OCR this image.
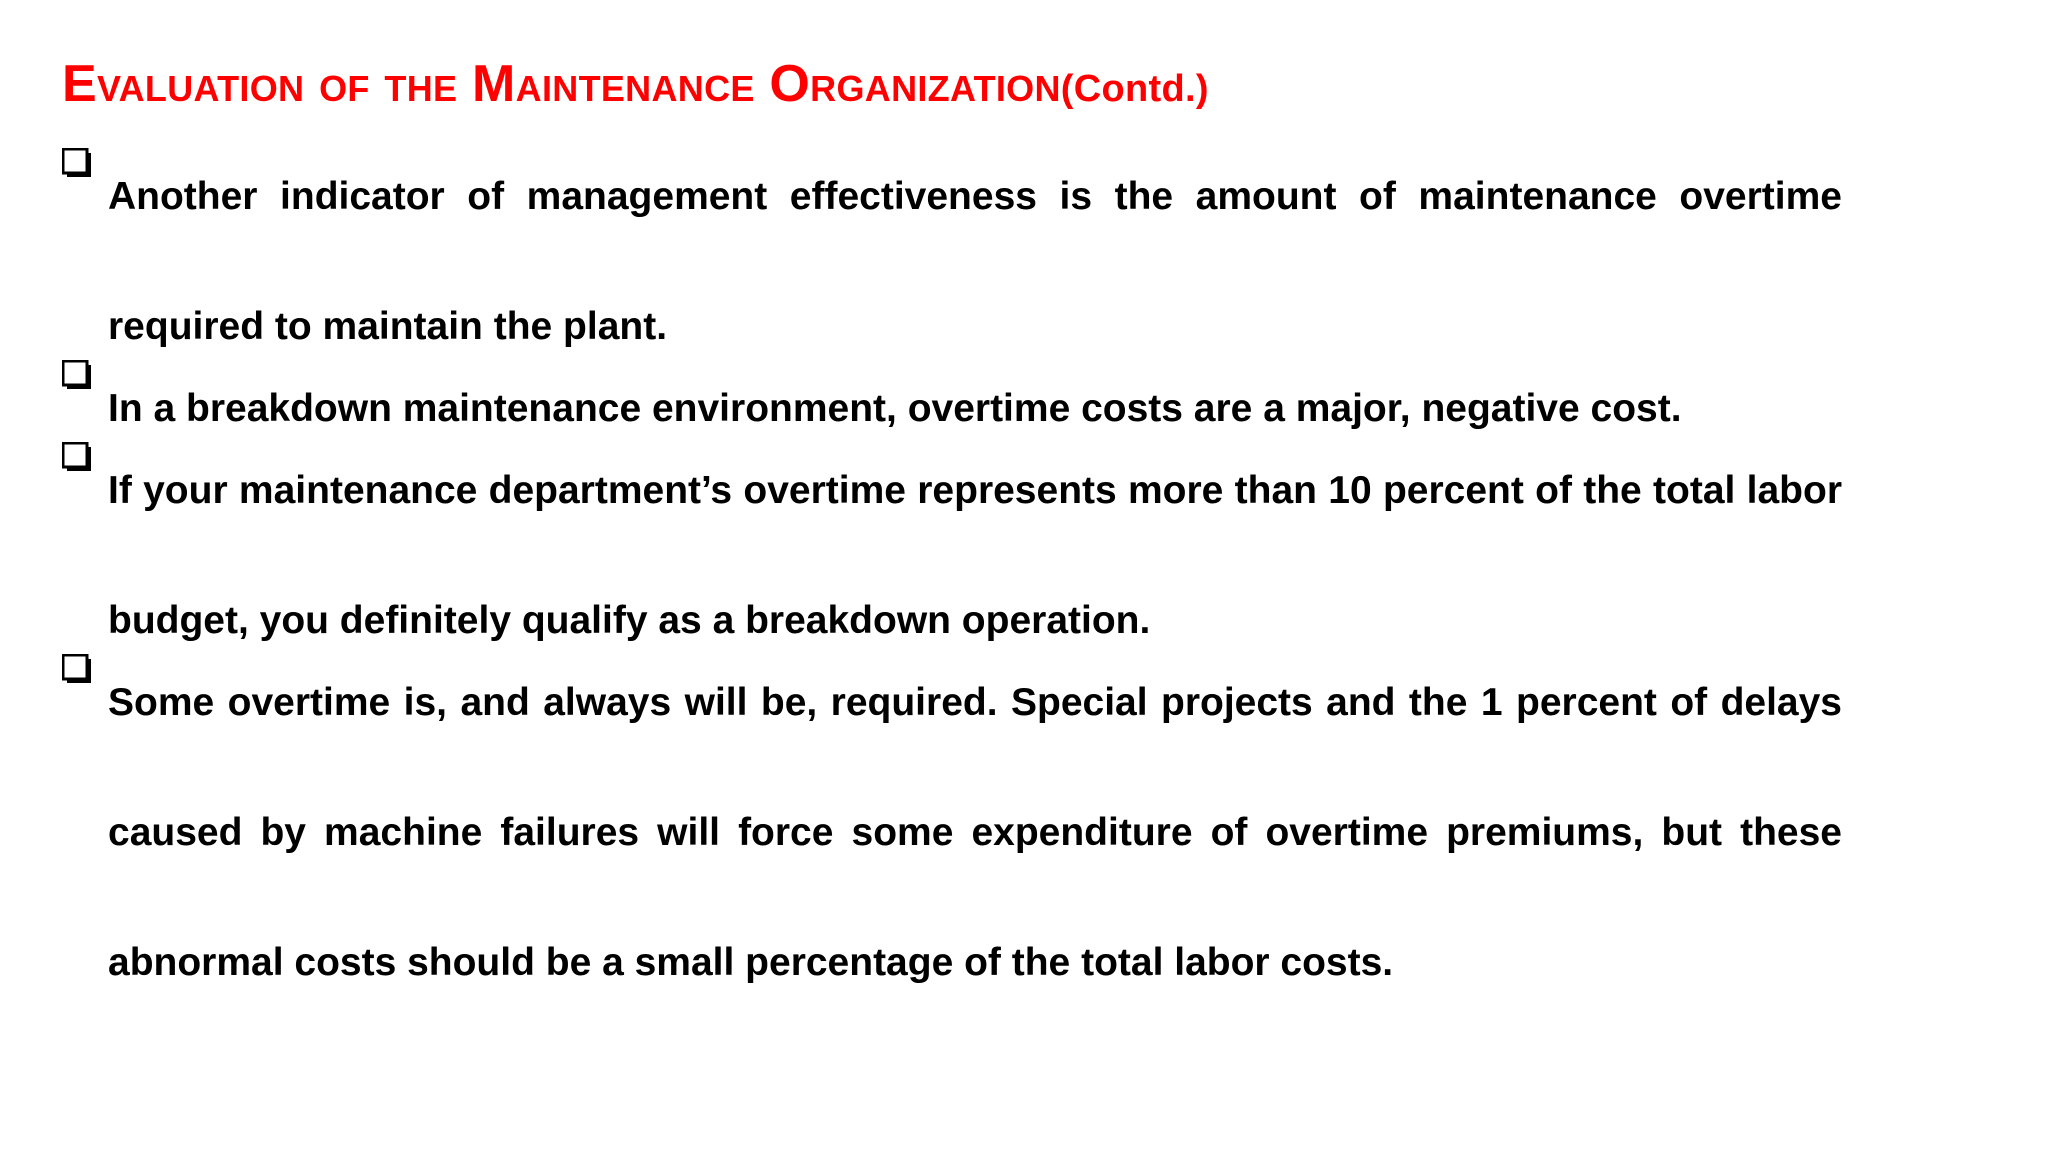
Evaluation of the Maintenance Organization(Contd.)
Another indicator of management effectiveness is the amount of maintenance overtime required to maintain the plant.
In a breakdown maintenance environment, overtime costs are a major, negative cost.
If your maintenance department’s overtime represents more than 10 percent of the total labor budget, you definitely qualify as a breakdown operation.
Some overtime is, and always will be, required. Special projects and the 1 percent of delays caused by machine failures will force some expenditure of overtime premiums, but these abnormal costs should be a small percentage of the total labor costs.
